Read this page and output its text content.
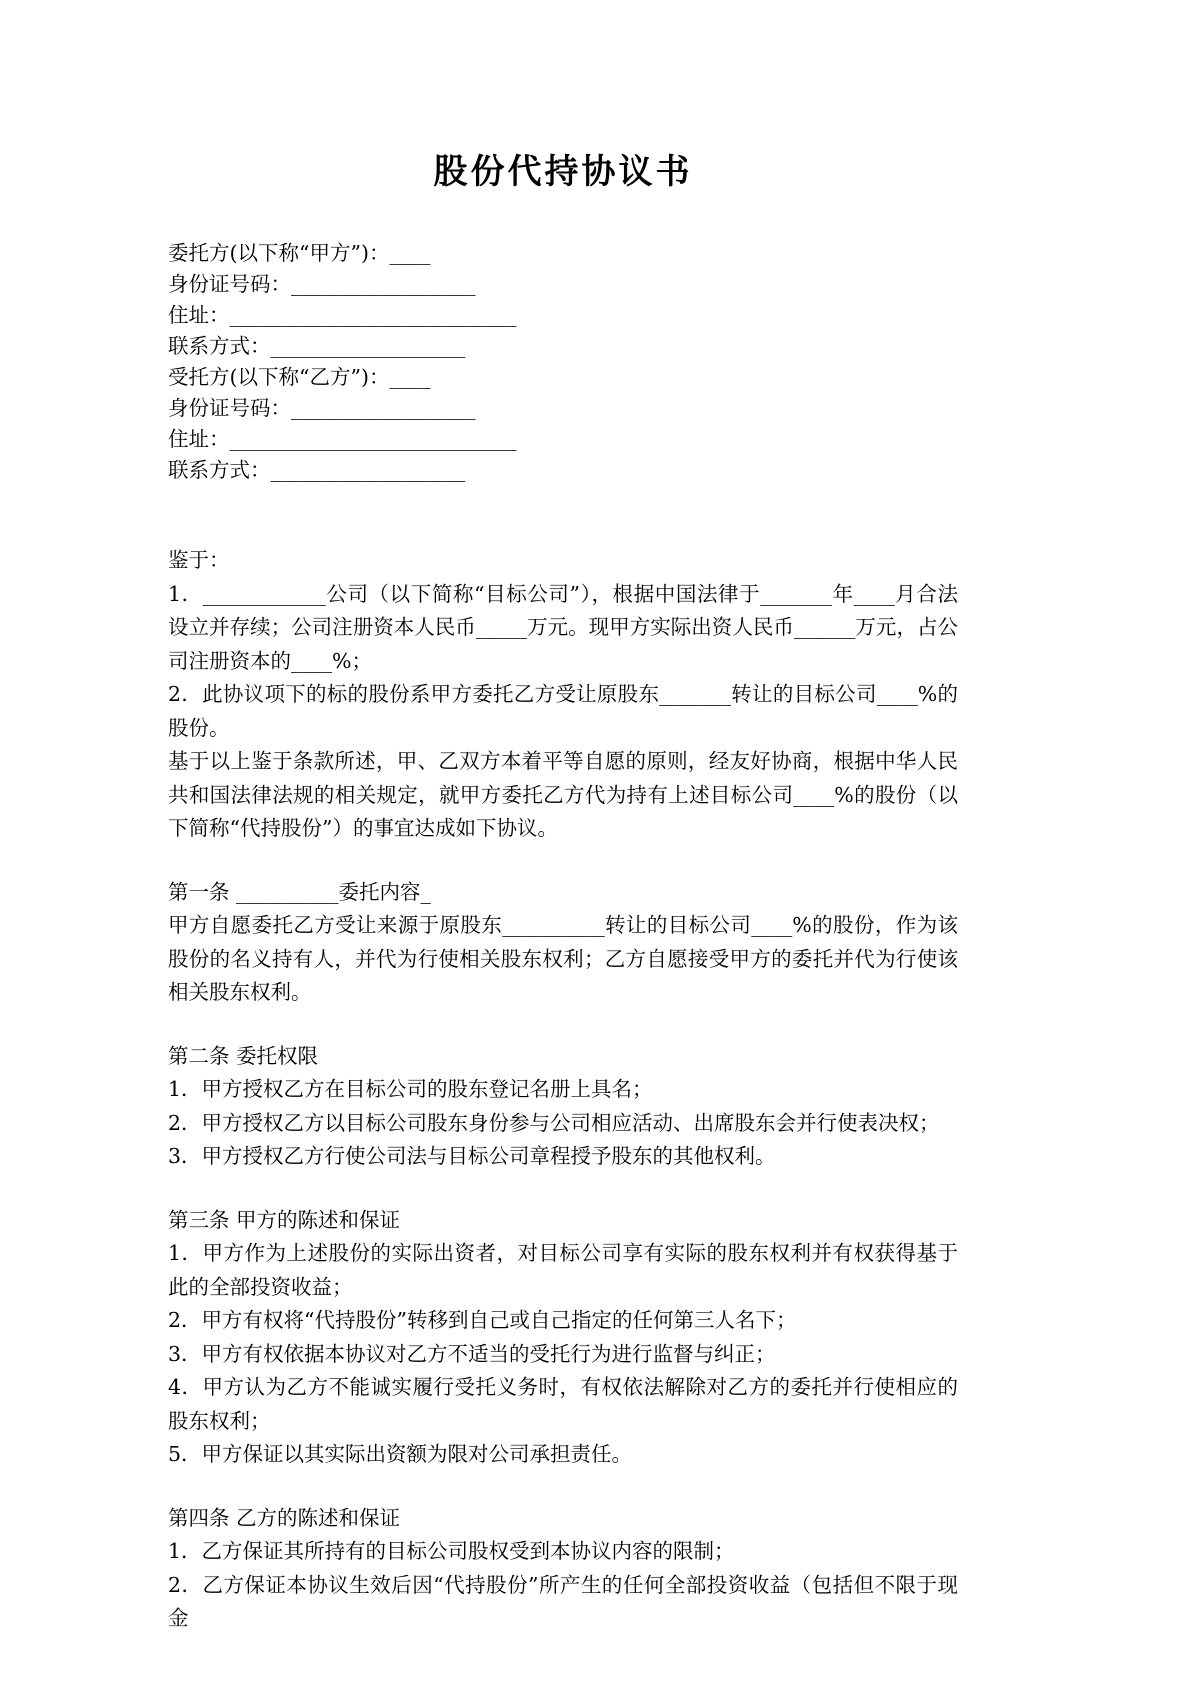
股份代持协议书
委托方(以下称“甲方”)：____
身份证号码：__________________
住址：____________________________
联系方式：___________________
受托方(以下称“乙方”)：____
身份证号码：__________________
住址：____________________________
联系方式：___________________

鉴于：

1．____________公司（以下简称“目标公司”），根据中国法律于_______年____月合法设立并存续；公司注册资本人民币_____万元。现甲方实际出资人民币______万元，占公司注册资本的____%；

2．此协议项下的标的股份系甲方委托乙方受让原股东_______转让的目标公司____%的股份。

基于以上鉴于条款所述，甲、乙双方本着平等自愿的原则，经友好协商，根据中华人民共和国法律法规的相关规定，就甲方委托乙方代为持有上述目标公司____%的股份（以下简称“代持股份”）的事宜达成如下协议。

第一条 __________委托内容_

甲方自愿委托乙方受让来源于原股东__________转让的目标公司____%的股份，作为该股份的名义持有人，并代为行使相关股东权利；乙方自愿接受甲方的委托并代为行使该相关股东权利。

第二条 委托权限

1．甲方授权乙方在目标公司的股东登记名册上具名；

2．甲方授权乙方以目标公司股东身份参与公司相应活动、出席股东会并行使表决权；

3．甲方授权乙方行使公司法与目标公司章程授予股东的其他权利。

第三条 甲方的陈述和保证

1．甲方作为上述股份的实际出资者，对目标公司享有实际的股东权利并有权获得基于此的全部投资收益；

2．甲方有权将“代持股份”转移到自己或自己指定的任何第三人名下；

3．甲方有权依据本协议对乙方不适当的受托行为进行监督与纠正；

4．甲方认为乙方不能诚实履行受托义务时，有权依法解除对乙方的委托并行使相应的股东权利；

5．甲方保证以其实际出资额为限对公司承担责任。

第四条 乙方的陈述和保证

1．乙方保证其所持有的目标公司股权受到本协议内容的限制；

2．乙方保证本协议生效后因“代持股份”所产生的任何全部投资收益（包括但不限于现金
